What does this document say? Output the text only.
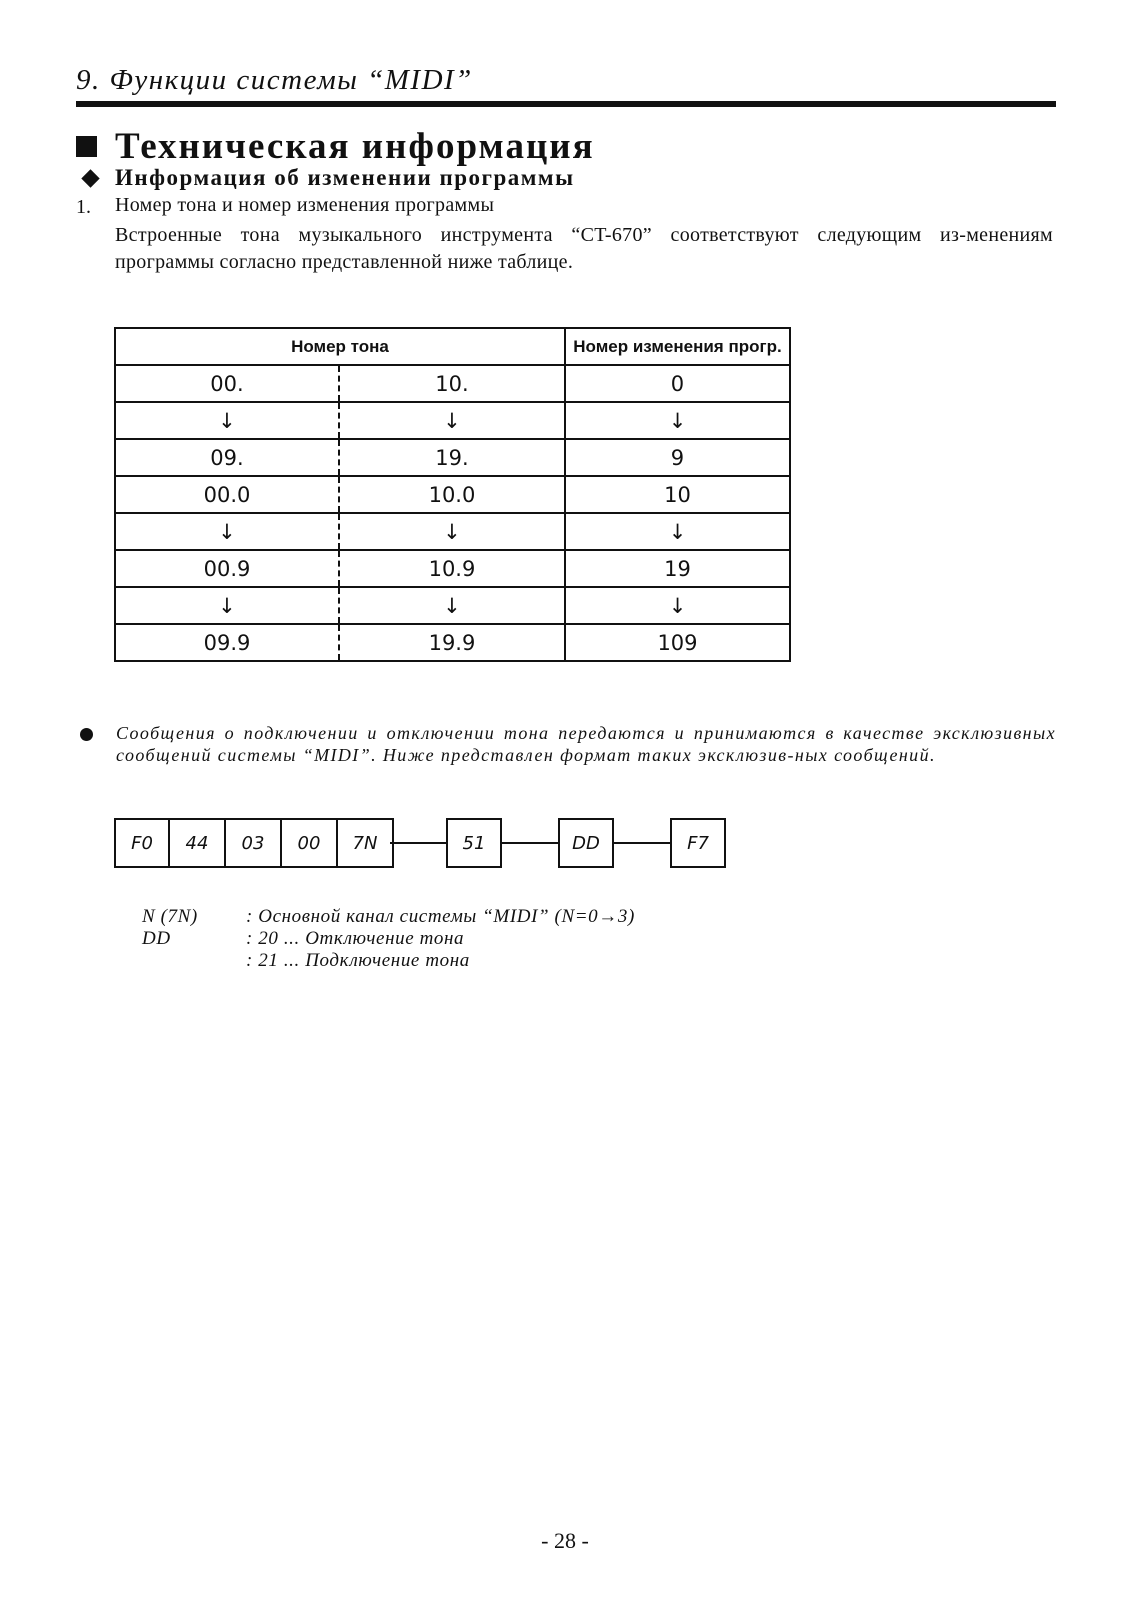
9. Функции системы “MIDI”
Техническая информация
Информация об изменении программы
1. Номер тона и номер изменения программы
Встроенные тона музыкального инструмента “CT-670” соответствуют следующим из-менениям программы согласно представленной ниже таблице.
Номер тона		Номер изменения прогр.
00.	10.	0
↓	↓	↓
09.	19.	9
00.0	10.0	10
↓	↓	↓
00.9	10.9	19
↓	↓	↓
09.9	19.9	109
Сообщения о подключении и отключении тона передаются и принимаются в качестве эксклюзивных сообщений системы “MIDI”. Ниже представлен формат таких эксклюзив-ных сообщений.
F0	44	03	00	7N	51	DD	F7
N (7N)	: Основной канал системы “MIDI” (N=0→3)
DD	: 20 ... Отключение тона
: 21 ... Подключение тона
- 28 -
